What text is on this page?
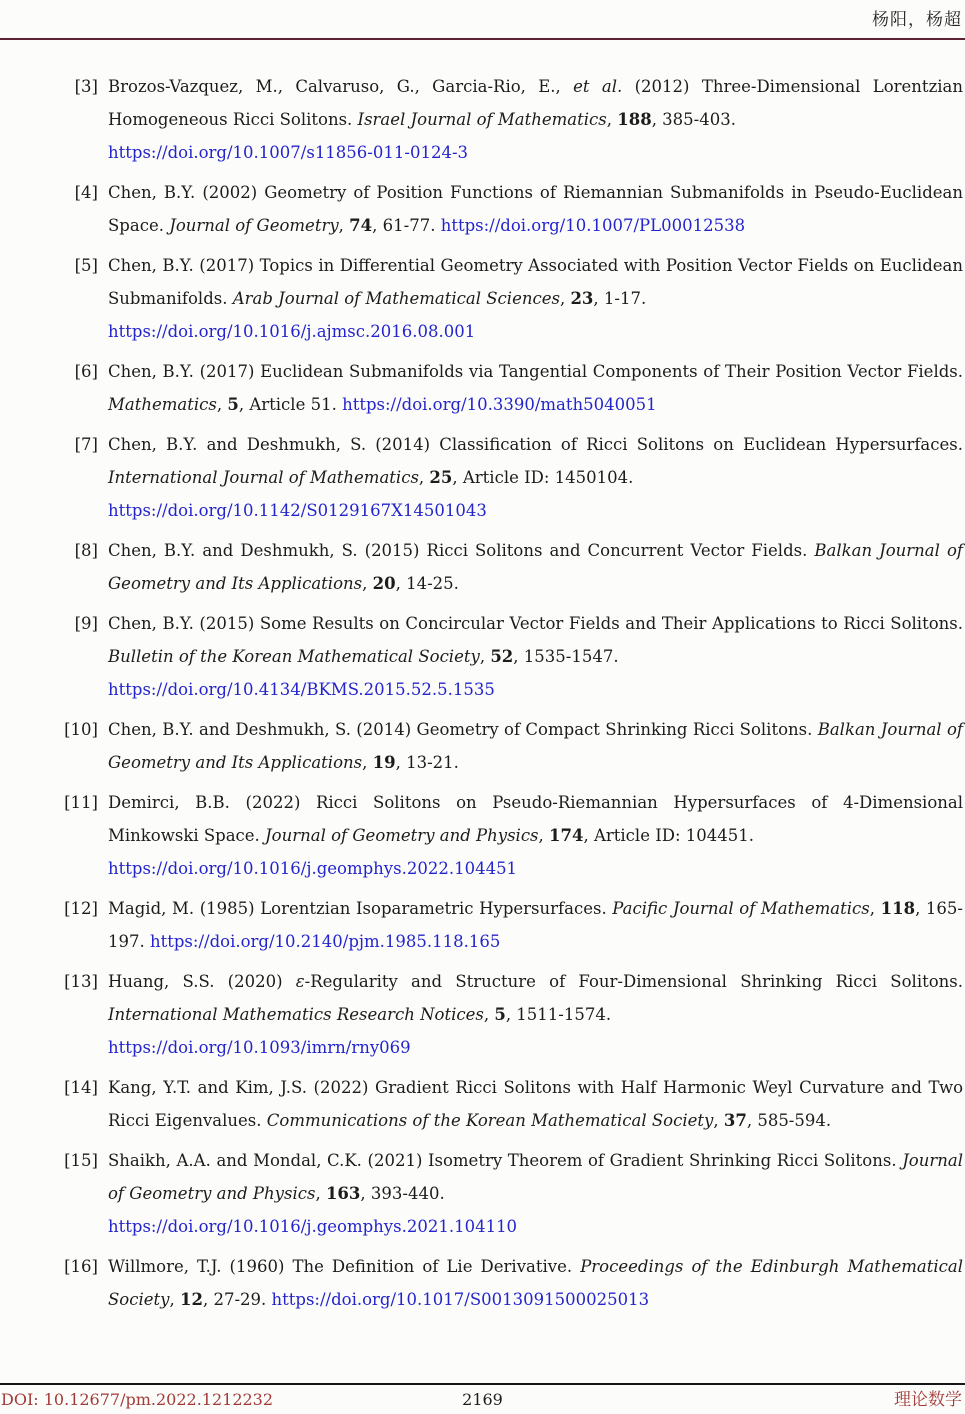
杨阳，杨超
[3] Brozos-Vazquez, M., Calvaruso, G., Garcia-Rio, E., et al. (2012) Three-Dimensional Lorentzian Homogeneous Ricci Solitons. Israel Journal of Mathematics, 188, 385-403.
https://doi.org/10.1007/s11856-011-0124-3
[4] Chen, B.Y. (2002) Geometry of Position Functions of Riemannian Submanifolds in Pseudo-Euclidean Space. Journal of Geometry, 74, 61-77. https://doi.org/10.1007/PL00012538
[5] Chen, B.Y. (2017) Topics in Differential Geometry Associated with Position Vector Fields on Euclidean Submanifolds. Arab Journal of Mathematical Sciences, 23, 1-17.
https://doi.org/10.1016/j.ajmsc.2016.08.001
[6] Chen, B.Y. (2017) Euclidean Submanifolds via Tangential Components of Their Position Vector Fields. Mathematics, 5, Article 51. https://doi.org/10.3390/math5040051
[7] Chen, B.Y. and Deshmukh, S. (2014) Classification of Ricci Solitons on Euclidean Hypersurfaces. International Journal of Mathematics, 25, Article ID: 1450104.
https://doi.org/10.1142/S0129167X14501043
[8] Chen, B.Y. and Deshmukh, S. (2015) Ricci Solitons and Concurrent Vector Fields. Balkan Journal of Geometry and Its Applications, 20, 14-25.
[9] Chen, B.Y. (2015) Some Results on Concircular Vector Fields and Their Applications to Ricci Solitons. Bulletin of the Korean Mathematical Society, 52, 1535-1547.
https://doi.org/10.4134/BKMS.2015.52.5.1535
[10] Chen, B.Y. and Deshmukh, S. (2014) Geometry of Compact Shrinking Ricci Solitons. Balkan Journal of Geometry and Its Applications, 19, 13-21.
[11] Demirci, B.B. (2022) Ricci Solitons on Pseudo-Riemannian Hypersurfaces of 4-Dimensional Minkowski Space. Journal of Geometry and Physics, 174, Article ID: 104451.
https://doi.org/10.1016/j.geomphys.2022.104451
[12] Magid, M. (1985) Lorentzian Isoparametric Hypersurfaces. Pacific Journal of Mathematics, 118, 165-197. https://doi.org/10.2140/pjm.1985.118.165
[13] Huang, S.S. (2020) ε-Regularity and Structure of Four-Dimensional Shrinking Ricci Solitons. International Mathematics Research Notices, 5, 1511-1574.
https://doi.org/10.1093/imrn/rny069
[14] Kang, Y.T. and Kim, J.S. (2022) Gradient Ricci Solitons with Half Harmonic Weyl Curvature and Two Ricci Eigenvalues. Communications of the Korean Mathematical Society, 37, 585-594.
[15] Shaikh, A.A. and Mondal, C.K. (2021) Isometry Theorem of Gradient Shrinking Ricci Solitons. Journal of Geometry and Physics, 163, 393-440.
https://doi.org/10.1016/j.geomphys.2021.104110
[16] Willmore, T.J. (1960) The Definition of Lie Derivative. Proceedings of the Edinburgh Mathematical Society, 12, 27-29. https://doi.org/10.1017/S0013091500025013
DOI: 10.12677/pm.2022.1212232	2169	理论数学
